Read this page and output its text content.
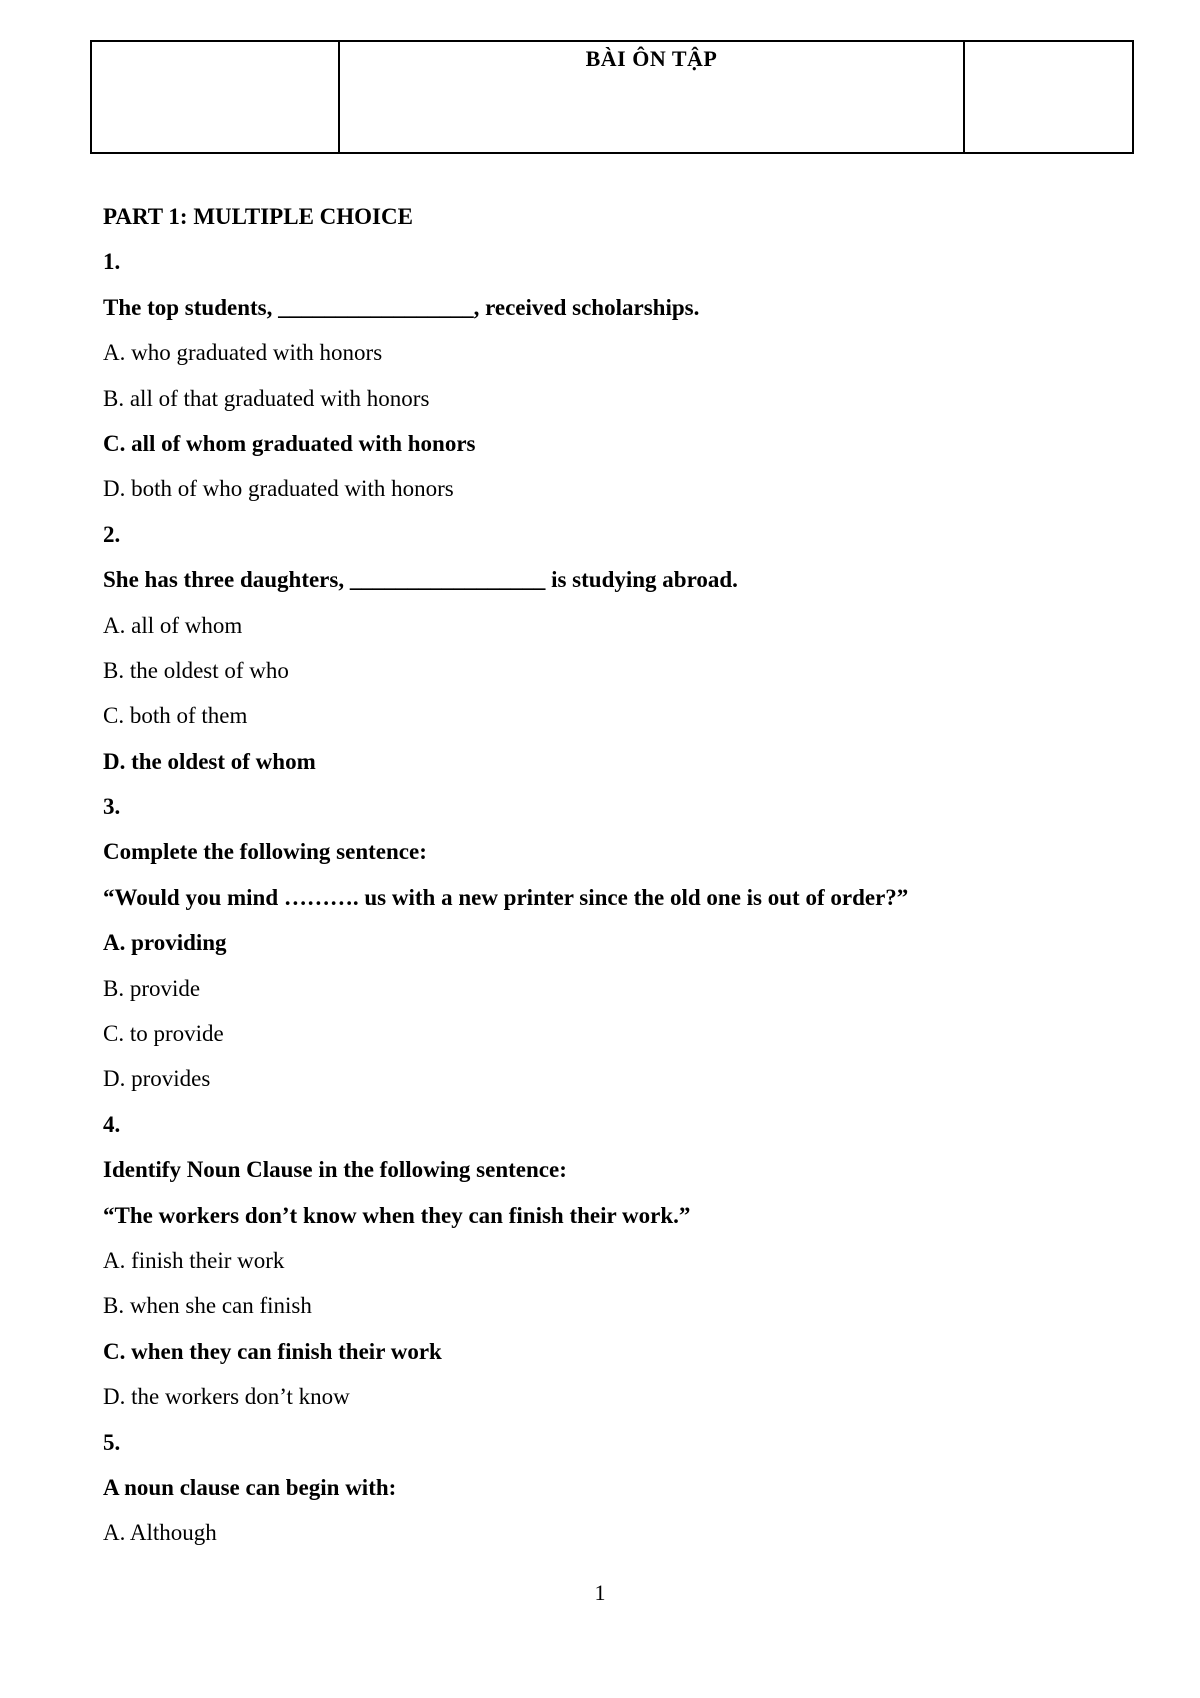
BÀI ÔN TẬP

PART 1: MULTIPLE CHOICE
1.
The top students, _________________, received scholarships.
A. who graduated with honors
B. all of that graduated with honors
C. all of whom graduated with honors
D. both of who graduated with honors
2.
She has three daughters, _________________ is studying abroad.
A. all of whom
B. the oldest of who
C. both of them
D. the oldest of whom
3.
Complete the following sentence:
“Would you mind ………. us with a new printer since the old one is out of order?”
A. providing
B. provide
C. to provide
D. provides
4.
Identify Noun Clause in the following sentence:
“The workers don’t know when they can finish their work.”
A. finish their work
B. when she can finish
C. when they can finish their work
D. the workers don’t know
5.
A noun clause can begin with:
A. Although
1
